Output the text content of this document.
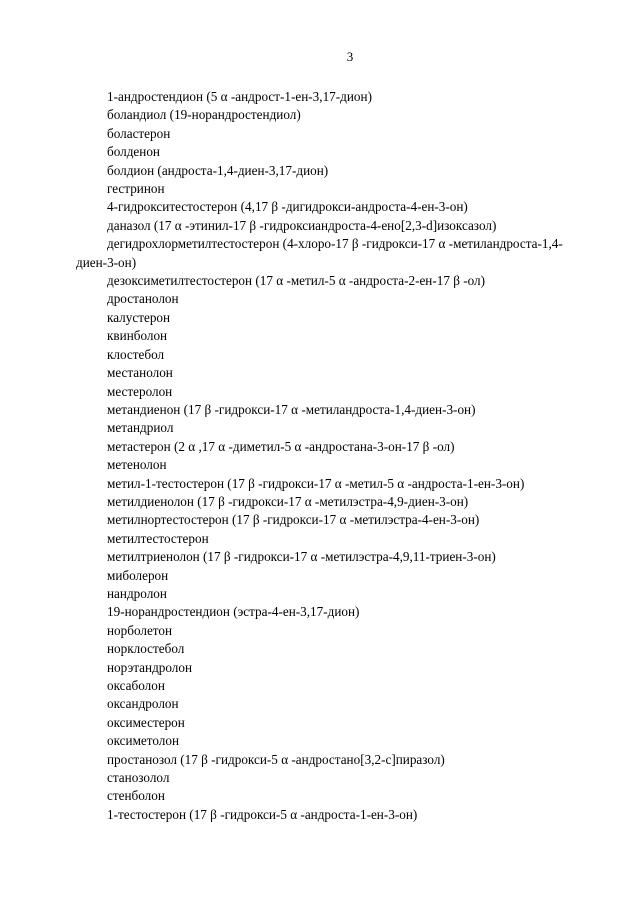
3
1-андростендион (5 α -андрост-1-ен-3,17-дион)
боландиол (19-норандростендиол)
боластерон
болденон
болдион (андроста-1,4-диен-3,17-дион)
гестринон
4-гидрокситестостерон (4,17 β -дигидрокси-андроста-4-ен-3-он)
даназол (17 α -этинил-17 β -гидроксиандроста-4-ено[2,3-d]изоксазол)
дегидрохлорметилтестостерон (4-хлоро-17 β -гидрокси-17 α -метиландроста-1,4-
диен-3-он)
дезоксиметилтестостерон (17 α -метил-5 α -андроста-2-ен-17 β -ол)
дростанолон
калустерон
квинболон
клостебол
местанолон
местеролон
метандиенон (17 β -гидрокси-17 α -метиландроста-1,4-диен-3-он)
метандриол
метастерон (2 α ,17 α -диметил-5 α -андростана-3-он-17 β -ол)
метенолон
метил-1-тестостерон (17 β -гидрокси-17 α -метил-5 α -андроста-1-ен-3-он)
метилдиенолон (17 β -гидрокси-17 α -метилэстра-4,9-диен-3-он)
метилнортестостерон (17 β -гидрокси-17 α -метилэстра-4-ен-3-он)
метилтестостерон
метилтриенолон (17 β -гидрокси-17 α -метилэстра-4,9,11-триен-3-он)
миболерон
нандролон
19-норандростендион (эстра-4-ен-3,17-дион)
норболетон
норклостебол
норэтандролон
оксаболон
оксандролон
оксиместерон
оксиметолон
простанозол (17 β -гидрокси-5 α -андростано[3,2-c]пиразол)
станозолол
стенболон
1-тестостерон (17 β -гидрокси-5 α -андроста-1-ен-3-он)
